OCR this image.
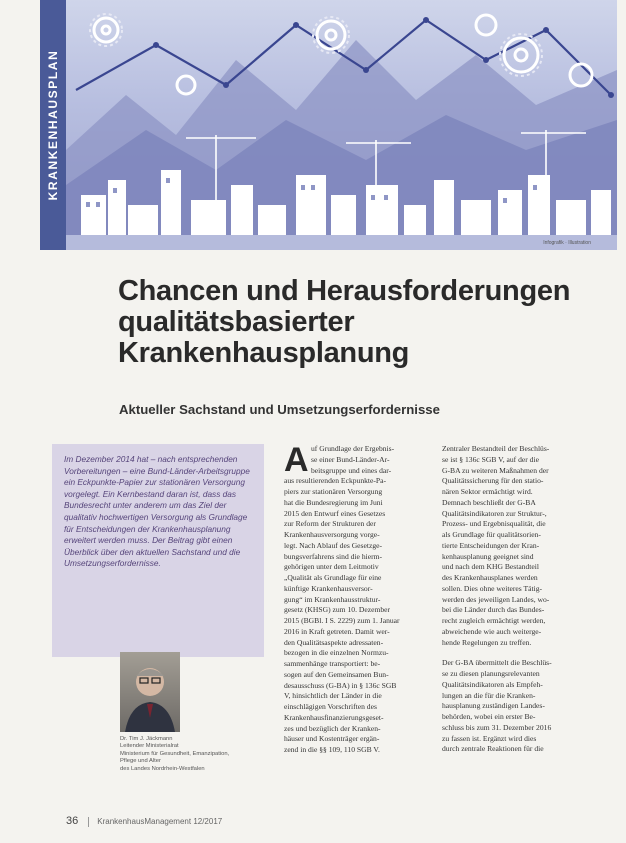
KRANKENHAUSPLAN
Infografik · Illustration
Chancen und Herausforderungen
qualitätsbasierter
Krankenhausplanung

Aktueller Sachstand und Umsetzungserfordernisse

Im Dezember 2014 hat – nach entsprechenden Vorbereitungen – eine Bund-Länder-Arbeitsgruppe ein Eckpunkte-Papier zur stationären Versorgung vorgelegt. Ein Kernbestand daran ist, dass das Bundesrecht unter anderem um das Ziel der qualitativ hochwertigen Versorgung als Grundlage für Entscheidungen der Krankenhausplanung erweitert werden muss. Der Beitrag gibt einen Überblick über den aktuellen Sachstand und die Umsetzungserfordernisse.

Dr. Tim J. Jäckmann
Leitender Ministerialrat
Ministerium für Gesundheit, Emanzipation,
Pflege und Alter
des Landes Nordrhein-Westfalen
A uf Grundlage der Ergebnis-
se einer Bund-Länder-Ar-
beitsgruppe und eines dar-
aus resultierenden Eckpunkte-Pa-
piers zur stationären Versorgung
hat die Bundesregierung im Juni
2015 den Entwurf eines Gesetzes
zur Reform der Strukturen der
Krankenhausversorgung vorge-
legt. Nach Ablauf des Gesetzge-
bungsverfahrens sind die hierm-
gehörigen unter dem Leitmotiv
„Qualität als Grundlage für eine
künftige Krankenhausversor-
gung“ im Krankenhausstruktur-
gesetz (KHSG) zum 10. Dezember
2015 (BGBl. I S. 2229) zum 1. Januar
2016 in Kraft getreten. Damit wer-
den Qualitätsaspekte adressaten-
bezogen in die einzelnen Normzu-
sammenhänge transportiert: be-
sogen auf den Gemeinsamen Bun-
desausschuss (G-BA) in § 136c SGB
V, hinsichtlich der Länder in die
einschlägigen Vorschriften des
Krankenhausfinanzierungsgeset-
zes und bezüglich der Kranken-
häuser und Kostenträger ergän-
zend in die §§ 109, 110 SGB V.
Zentraler Bestandteil der Beschlüs-
se ist § 136c SGB V, auf der die
G-BA zu weiteren Maßnahmen der
Qualitätssicherung für den statio-
nären Sektor ermächtigt wird.
Demnach beschließt der G-BA
Qualitätsindikatoren zur Struktur-,
Prozess- und Ergebnisqualität, die
als Grundlage für qualitätsorien-
tierte Entscheidungen der Kran-
kenhausplanung geeignet sind
und nach dem KHG Bestandteil
des Krankenhausplanes werden
sollen. Dies ohne weiteres Tätig-
werden des jeweiligen Landes, wo-
bei die Länder durch das Bundes-
recht zugleich ermächtigt werden,
abweichende wie auch weiterge-
hende Regelungen zu treffen.
Der G-BA übermittelt die Beschlüs-
se zu diesen planungsrelevanten
Qualitätsindikatoren als Empfeh-
lungen an die für die Kranken-
hausplanung zuständigen Landes-
behörden, wobei ein erster Be-
schluss bis zum 31. Dezember 2016
zu fassen ist. Ergänzt wird dies
durch zentrale Reaktionen für die
36 KrankenhausManagement 12/2017
